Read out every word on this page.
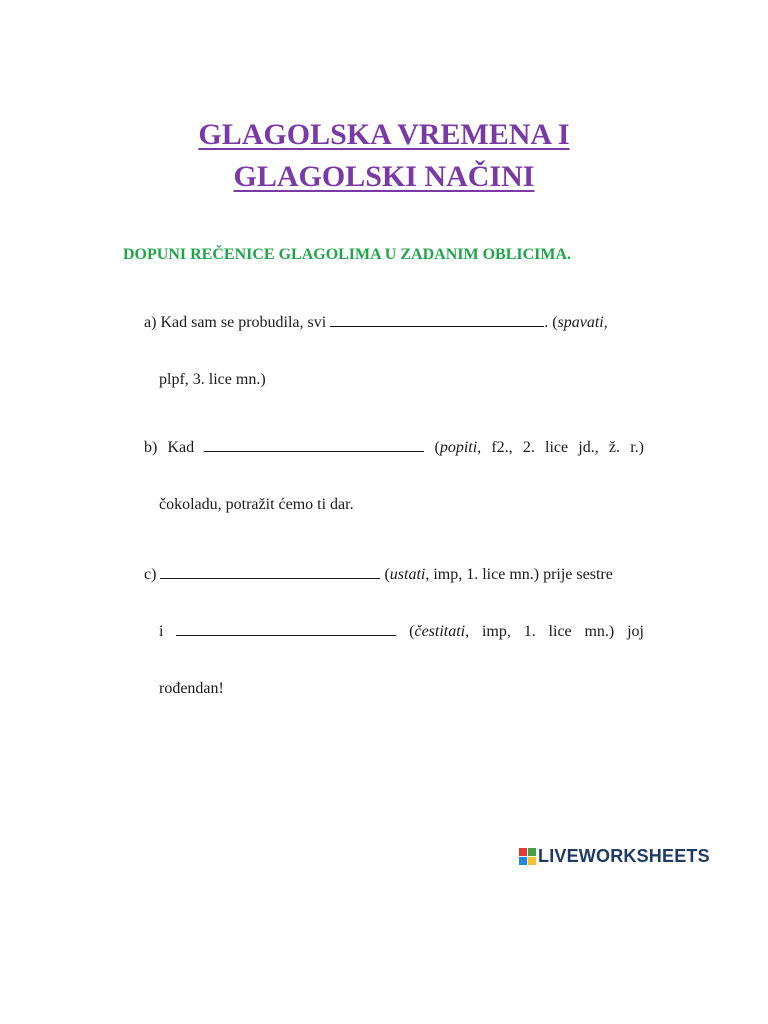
GLAGOLSKA VREMENA I
GLAGOLSKI NAČINI
DOPUNI REČENICE GLAGOLIMA U ZADANIM OBLICIMA.
a) Kad sam se probudila, svi	. (spavati,
plpf, 3. lice mn.)
b) Kad	(popiti, f2., 2. lice jd., ž. r.)
čokoladu, potražit ćemo ti dar.
c)	(ustati, imp, 1. lice mn.) prije sestre
i	(čestitati, imp, 1. lice mn.) joj
rođendan!
LIVEWORKSHEETS
